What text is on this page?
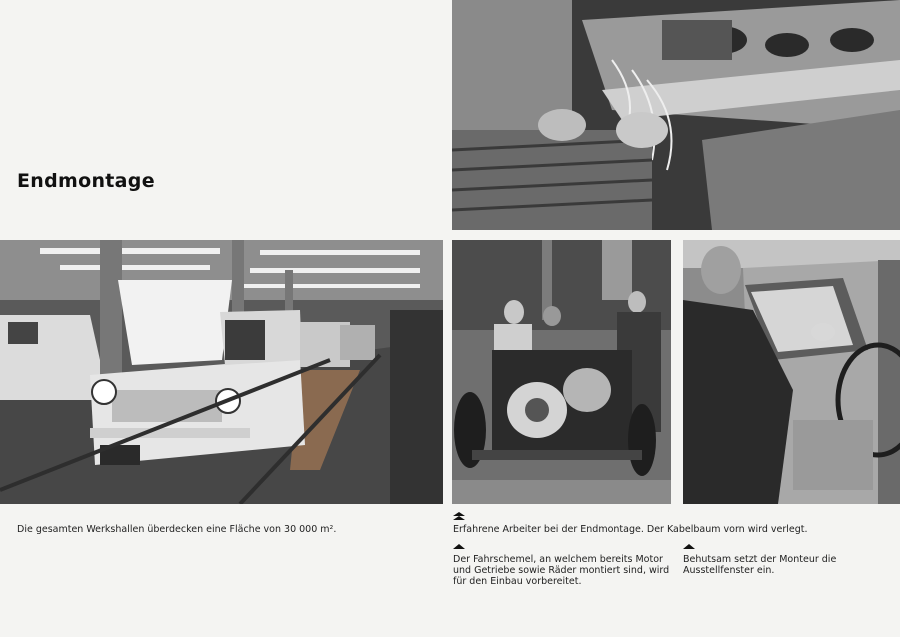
Endmontage
Die gesamten Werkshallen überdecken eine Fläche von 30 000 m².	Erfahrene Arbeiter bei der Endmontage. Der Kabelbaum vorn wird verlegt.
Der Fahrschemel, an welchem bereits Motor
und Getriebe sowie Räder montiert sind, wird
für den Einbau vorbereitet.
Behutsam setzt der Monteur die
Ausstellfenster ein.
